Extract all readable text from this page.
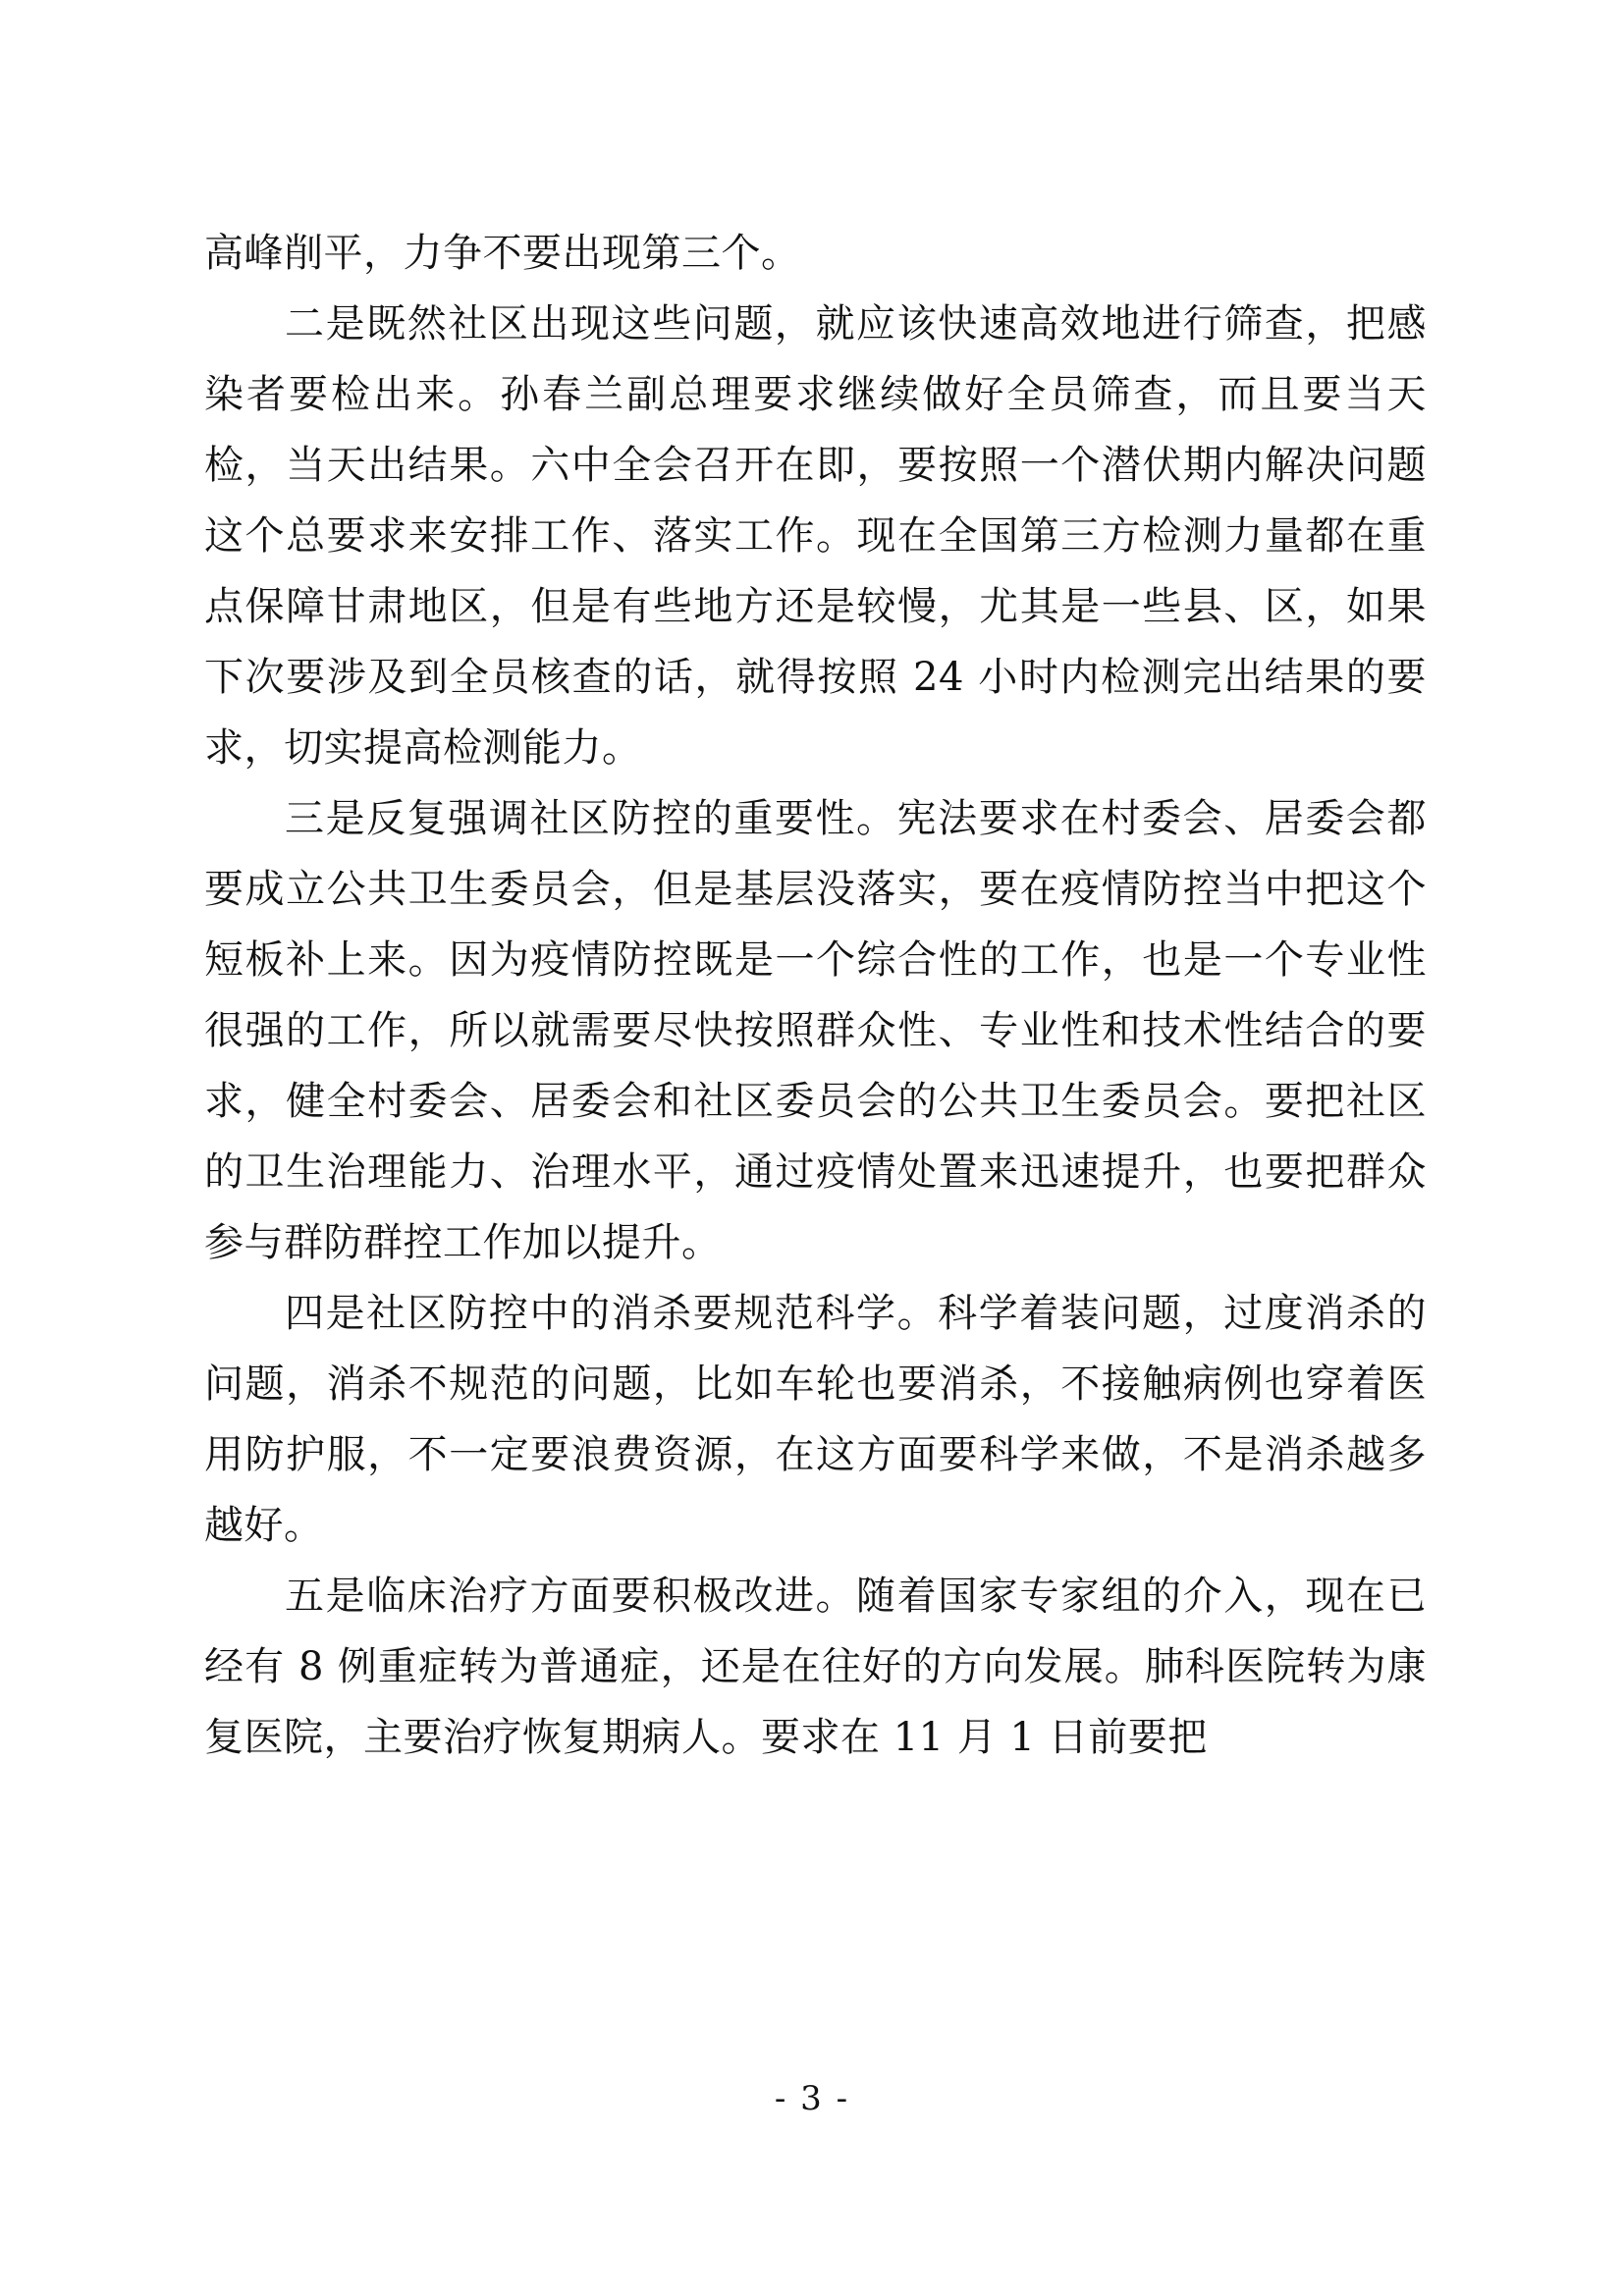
高峰削平，力争不要出现第三个。

二是既然社区出现这些问题，就应该快速高效地进行筛查，把感染者要检出来。孙春兰副总理要求继续做好全员筛查，而且要当天检，当天出结果。六中全会召开在即，要按照一个潜伏期内解决问题这个总要求来安排工作、落实工作。现在全国第三方检测力量都在重点保障甘肃地区，但是有些地方还是较慢，尤其是一些县、区，如果下次要涉及到全员核查的话，就得按照 24 小时内检测完出结果的要求，切实提高检测能力。

三是反复强调社区防控的重要性。宪法要求在村委会、居委会都要成立公共卫生委员会，但是基层没落实，要在疫情防控当中把这个短板补上来。因为疫情防控既是一个综合性的工作，也是一个专业性很强的工作，所以就需要尽快按照群众性、专业性和技术性结合的要求，健全村委会、居委会和社区委员会的公共卫生委员会。要把社区的卫生治理能力、治理水平，通过疫情处置来迅速提升，也要把群众参与群防群控工作加以提升。

四是社区防控中的消杀要规范科学。科学着装问题，过度消杀的问题，消杀不规范的问题，比如车轮也要消杀，不接触病例也穿着医用防护服，不一定要浪费资源，在这方面要科学来做，不是消杀越多越好。

五是临床治疗方面要积极改进。随着国家专家组的介入，现在已经有 8 例重症转为普通症，还是在往好的方向发展。肺科医院转为康复医院，主要治疗恢复期病人。要求在 11 月 1 日前要把

- 3 -
